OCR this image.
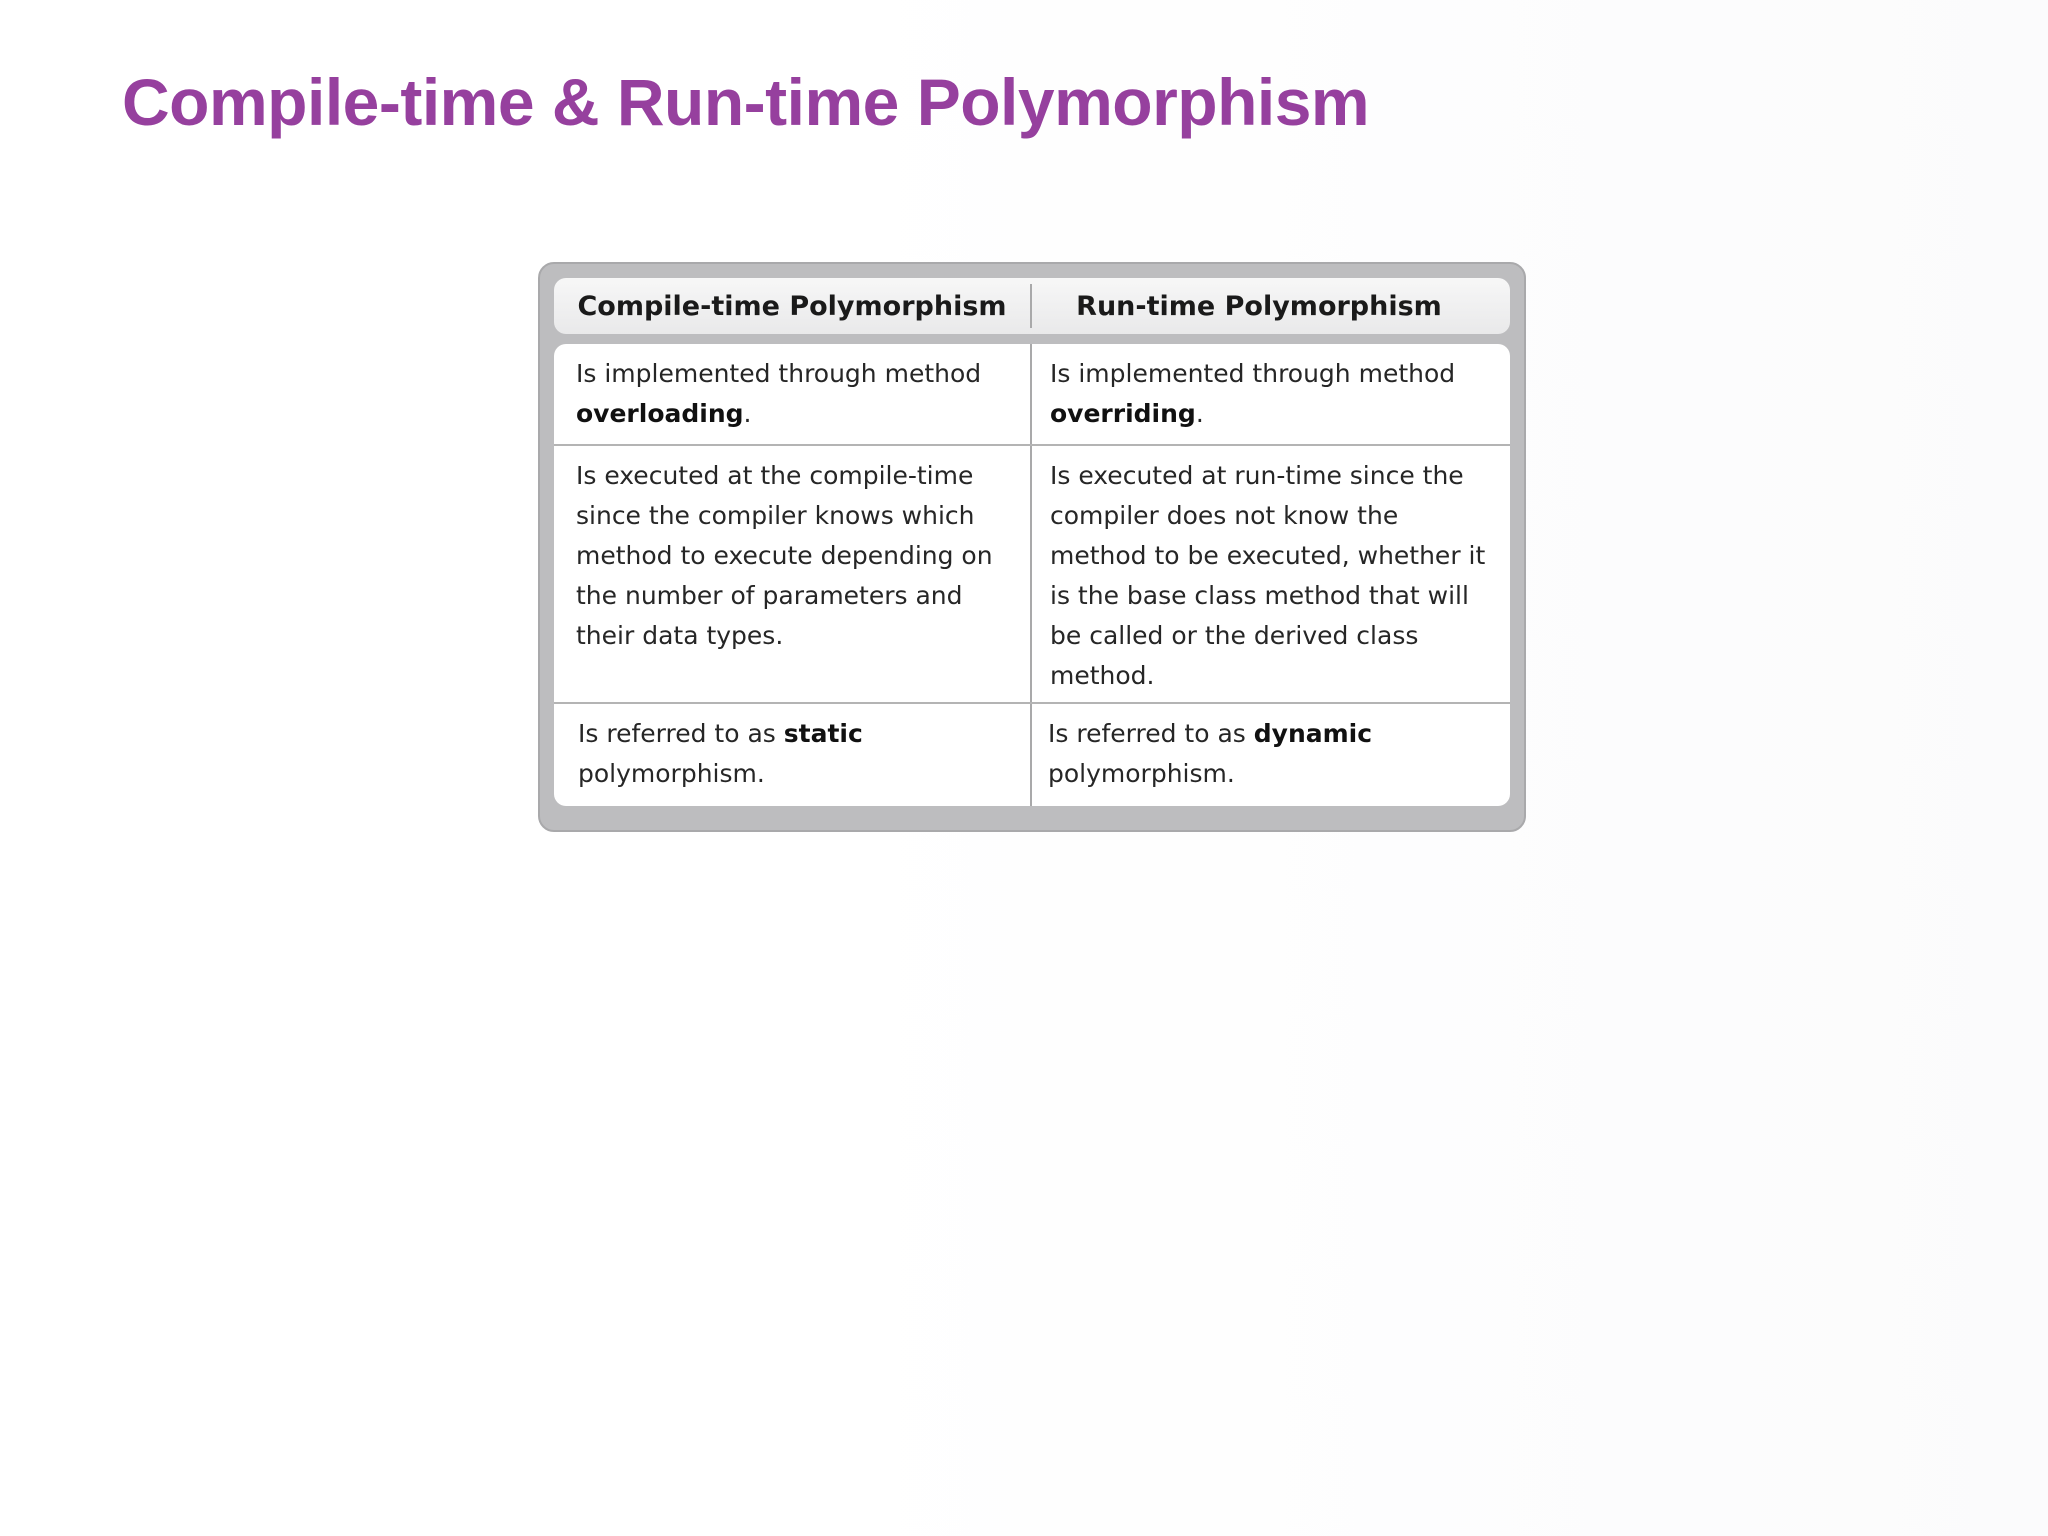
Compile-time & Run-time Polymorphism
Compile-time Polymorphism	Run-time Polymorphism
Is implemented through method overloading.
Is implemented through method overriding.
Is executed at the compile-time since the compiler knows which method to execute depending on the number of parameters and their data types.
Is executed at run-time since the compiler does not know the method to be executed, whether it is the base class method that will be called or the derived class method.
Is referred to as static polymorphism.
Is referred to as dynamic polymorphism.
